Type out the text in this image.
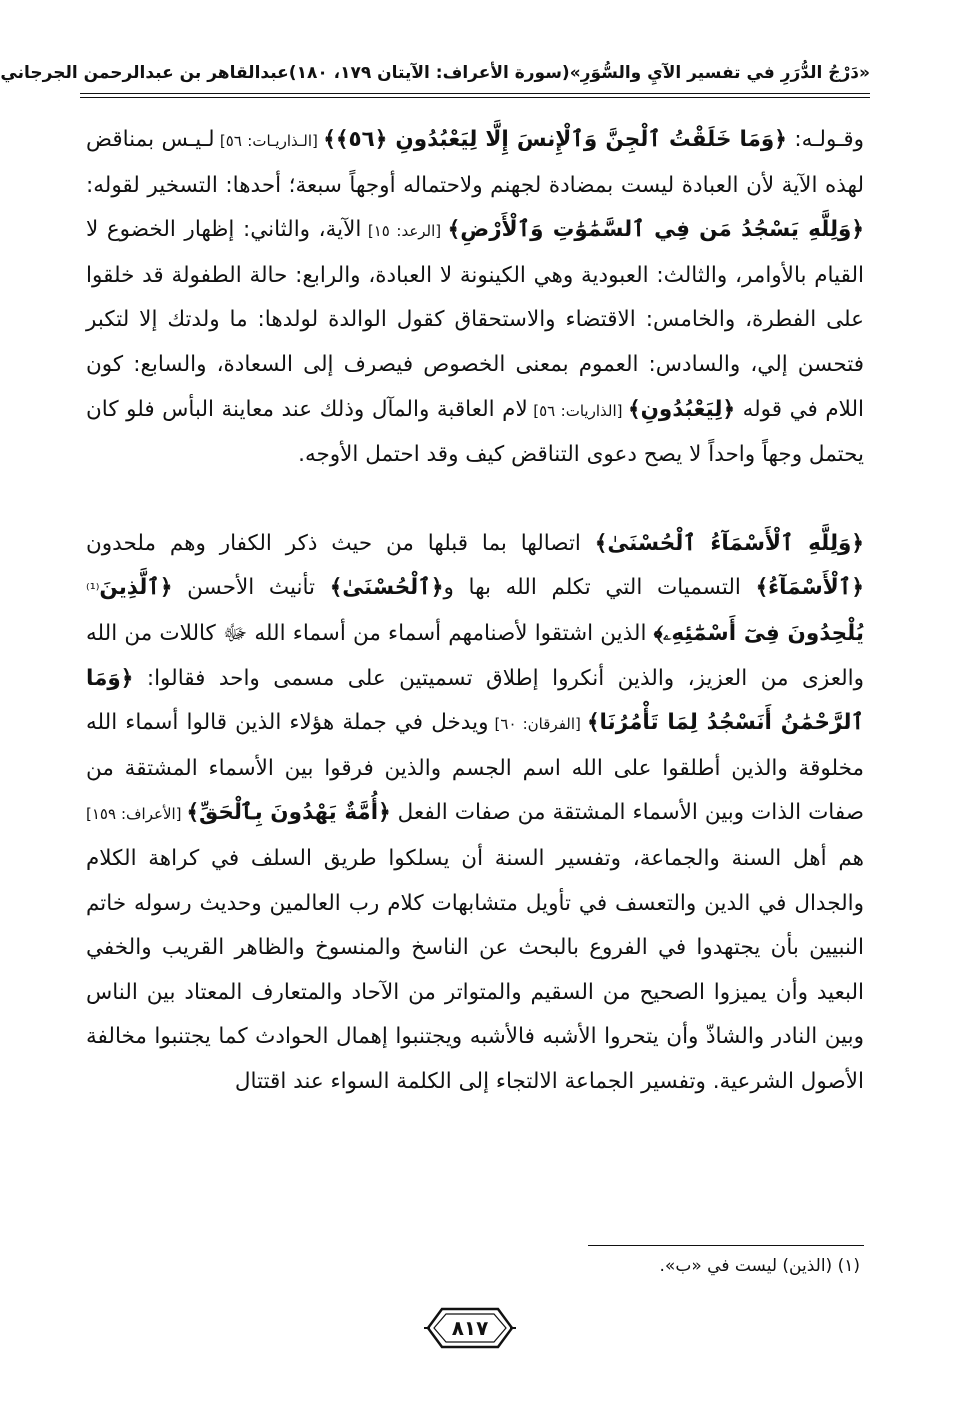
«دَرْجُ الدُّرَرِ في تفسير الآيِ والسُّوَرِ»
(سورة الأعراف: الآيتان ١٧٩، ١٨٠)
عبدالقاهر بن عبدالرحمن الجرجاني

وقـولـه: ﴿وَمَا خَلَقْتُ ٱلْجِنَّ وَٱلْإِنسَ إِلَّا لِيَعْبُدُونِ ﴿٥٦﴾﴾ [الـذاريـات: ٥٦] لـيـس بمناقض لهذه الآية لأن العبادة ليست بمضادة لجهنم ولاحتماله أوجهاً سبعة؛ أحدها: التسخير لقوله: ﴿وَلِلَّهِ يَسْجُدُ مَن فِي ٱلسَّمَٰوَٰتِ وَٱلْأَرْضِ﴾ [الرعد: ١٥] الآية، والثاني: إظهار الخضوع لا القيام بالأوامر، والثالث: العبودية وهي الكينونة لا العبادة، والرابع: حالة الطفولة قد خلقوا على الفطرة، والخامس: الاقتضاء والاستحقاق كقول الوالدة لولدها: ما ولدتك إلا لتكبر فتحسن إلي، والسادس: العموم بمعنى الخصوص فيصرف إلى السعادة، والسابع: كون اللام في قوله ﴿لِيَعْبُدُونِ﴾ [الذاريات: ٥٦] لام العاقبة والمآل وذلك عند معاينة البأس فلو كان يحتمل وجهاً واحداً لا يصح دعوى التناقض كيف وقد احتمل الأوجه.

﴿وَلِلَّهِ ٱلْأَسْمَآءُ ٱلْحُسْنَىٰ﴾ اتصالها بما قبلها من حيث ذكر الكفار وهم ملحدون ﴿ٱلْأَسْمَآءُ﴾ التسميات التي تكلم الله بها و﴿ٱلْحُسْنَىٰ﴾ تأنيث الأحسن ﴿ٱلَّذِينَ⁽¹⁾ يُلْحِدُونَ فِىٓ أَسْمَٰٓئِهِۦ﴾ الذين اشتقوا لأصنامهم أسماء من أسماء الله ﷻ كاللات من الله والعزى من العزيز، والذين أنكروا إطلاق تسميتين على مسمى واحد فقالوا: ﴿وَمَا ٱلرَّحْمَٰنُ أَنَسْجُدُ لِمَا تَأْمُرُنَا﴾ [الفرقان: ٦٠] ويدخل في جملة هؤلاء الذين قالوا أسماء الله مخلوقة والذين أطلقوا على الله اسم الجسم والذين فرقوا بين الأسماء المشتقة من صفات الذات وبين الأسماء المشتقة من صفات الفعل ﴿أُمَّةٌ يَهْدُونَ بِٱلْحَقِّ﴾ [الأعراف: ١٥٩] هم أهل السنة والجماعة، وتفسير السنة أن يسلكوا طريق السلف في كراهة الكلام والجدال في الدين والتعسف في تأويل متشابهات كلام رب العالمين وحديث رسوله خاتم النبيين بأن يجتهدوا في الفروع بالبحث عن الناسخ والمنسوخ والظاهر القريب والخفي البعيد وأن يميزوا الصحيح من السقيم والمتواتر من الآحاد والمتعارف المعتاد بين الناس وبين النادر والشاذّ وأن يتحروا الأشبه فالأشبه ويجتنبوا إهمال الحوادث كما يجتنبوا مخالفة الأصول الشرعية. وتفسير الجماعة الالتجاء إلى الكلمة السواء عند اقتتال

(١) (الذين) ليست في «ب».
٨١٧
